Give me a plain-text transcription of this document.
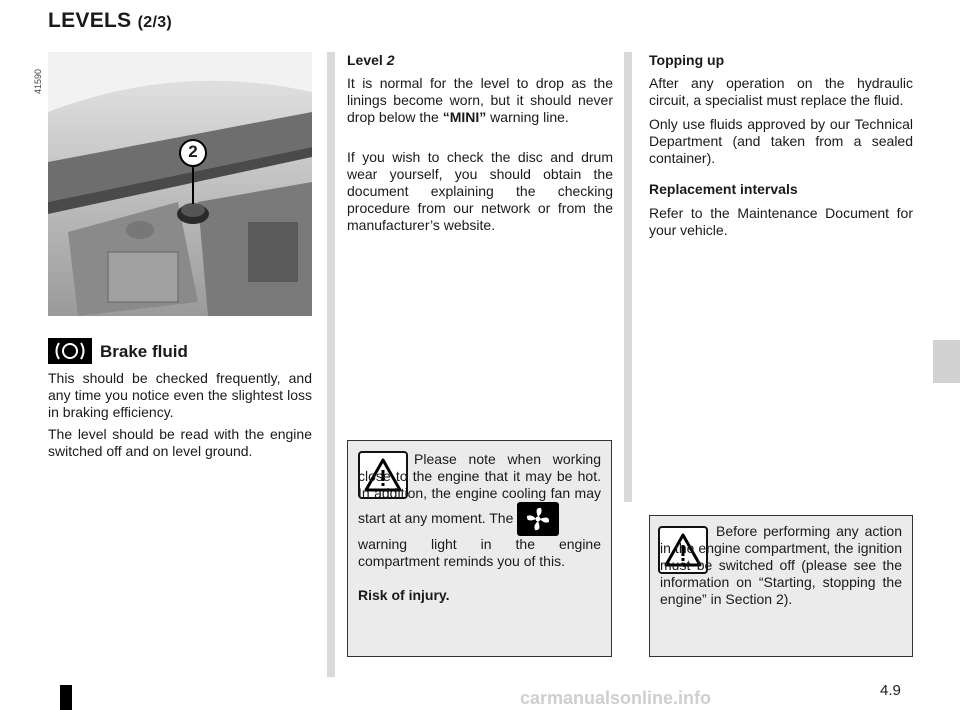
LEVELS (2/3)
41590
2
Brake fluid
This should be checked frequently, and any time you notice even the slightest loss in braking efficiency.
The level should be read with the engine switched off and on level ground.
Level 2
It is normal for the level to drop as the linings become worn, but it should never drop below the “MINI” warning line.
If you wish to check the disc and drum wear yourself, you should obtain the document explaining the checking procedure from our network or from the manufacturer’s website.
Please note when working close to the engine that it may be hot. In addition, the engine cooling fan may start at any moment. The

warning light in the engine compartment reminds you of this.
Risk of injury.
Topping up
After any operation on the hydraulic circuit, a specialist must replace the fluid.
Only use fluids approved by our Technical Department (and taken from a sealed container).
Replacement intervals
Refer to the Maintenance Document for your vehicle.
Before performing any action in the engine compartment, the ignition must be switched off (please see the information on “Starting, stopping the engine” in Section 2).
carmanualsonline.info	4.9
